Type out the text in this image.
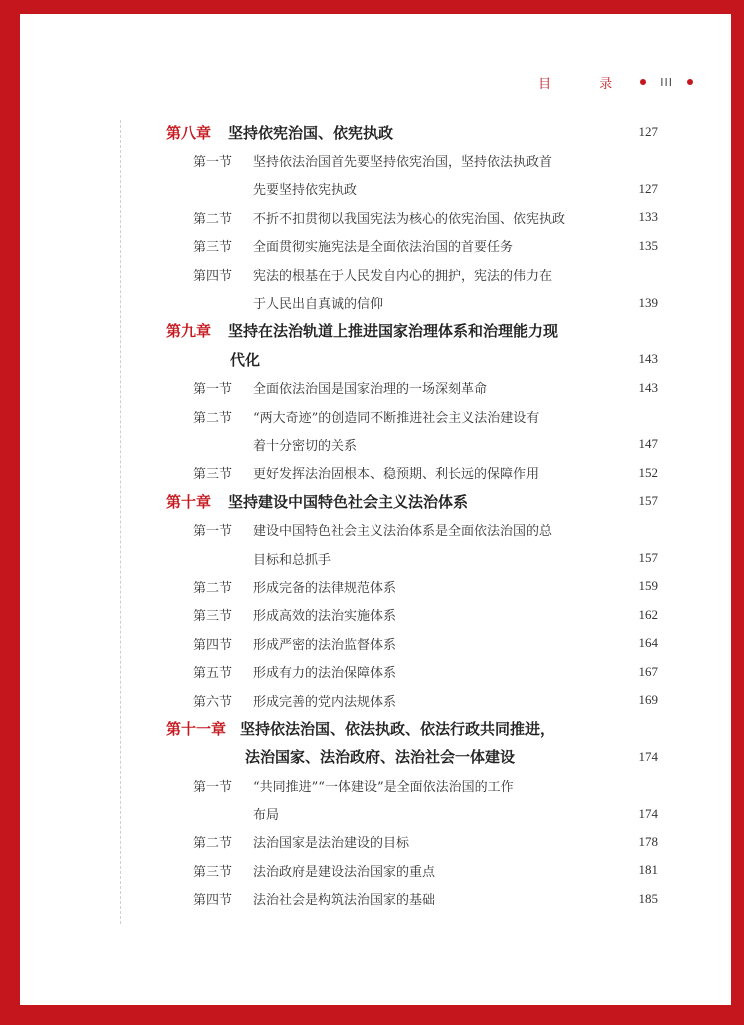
目 录 III
第八章 坚持依宪治国、依宪执政	127
第一节	坚持依法治国首先要坚持依宪治国，坚持依法执政首
先要坚持依宪执政	127
第二节	不折不扣贯彻以我国宪法为核心的依宪治国、依宪执政	133
第三节	全面贯彻实施宪法是全面依法治国的首要任务	135
第四节	宪法的根基在于人民发自内心的拥护，宪法的伟力在
于人民出自真诚的信仰	139
第九章 坚持在法治轨道上推进国家治理体系和治理能力现
代化	143
第一节	全面依法治国是国家治理的一场深刻革命	143
第二节	“两大奇迹”的创造同不断推进社会主义法治建设有
着十分密切的关系	147
第三节	更好发挥法治固根本、稳预期、利长远的保障作用	152
第十章 坚持建设中国特色社会主义法治体系	157
第一节	建设中国特色社会主义法治体系是全面依法治国的总
目标和总抓手	157
第二节	形成完备的法律规范体系	159
第三节	形成高效的法治实施体系	162
第四节	形成严密的法治监督体系	164
第五节	形成有力的法治保障体系	167
第六节	形成完善的党内法规体系	169
第十一章 坚持依法治国、依法执政、依法行政共同推进，
法治国家、法治政府、法治社会一体建设	174
第一节	“共同推进”“一体建设”是全面依法治国的工作
布局	174
第二节	法治国家是法治建设的目标	178
第三节	法治政府是建设法治国家的重点	181
第四节	法治社会是构筑法治国家的基础	185
